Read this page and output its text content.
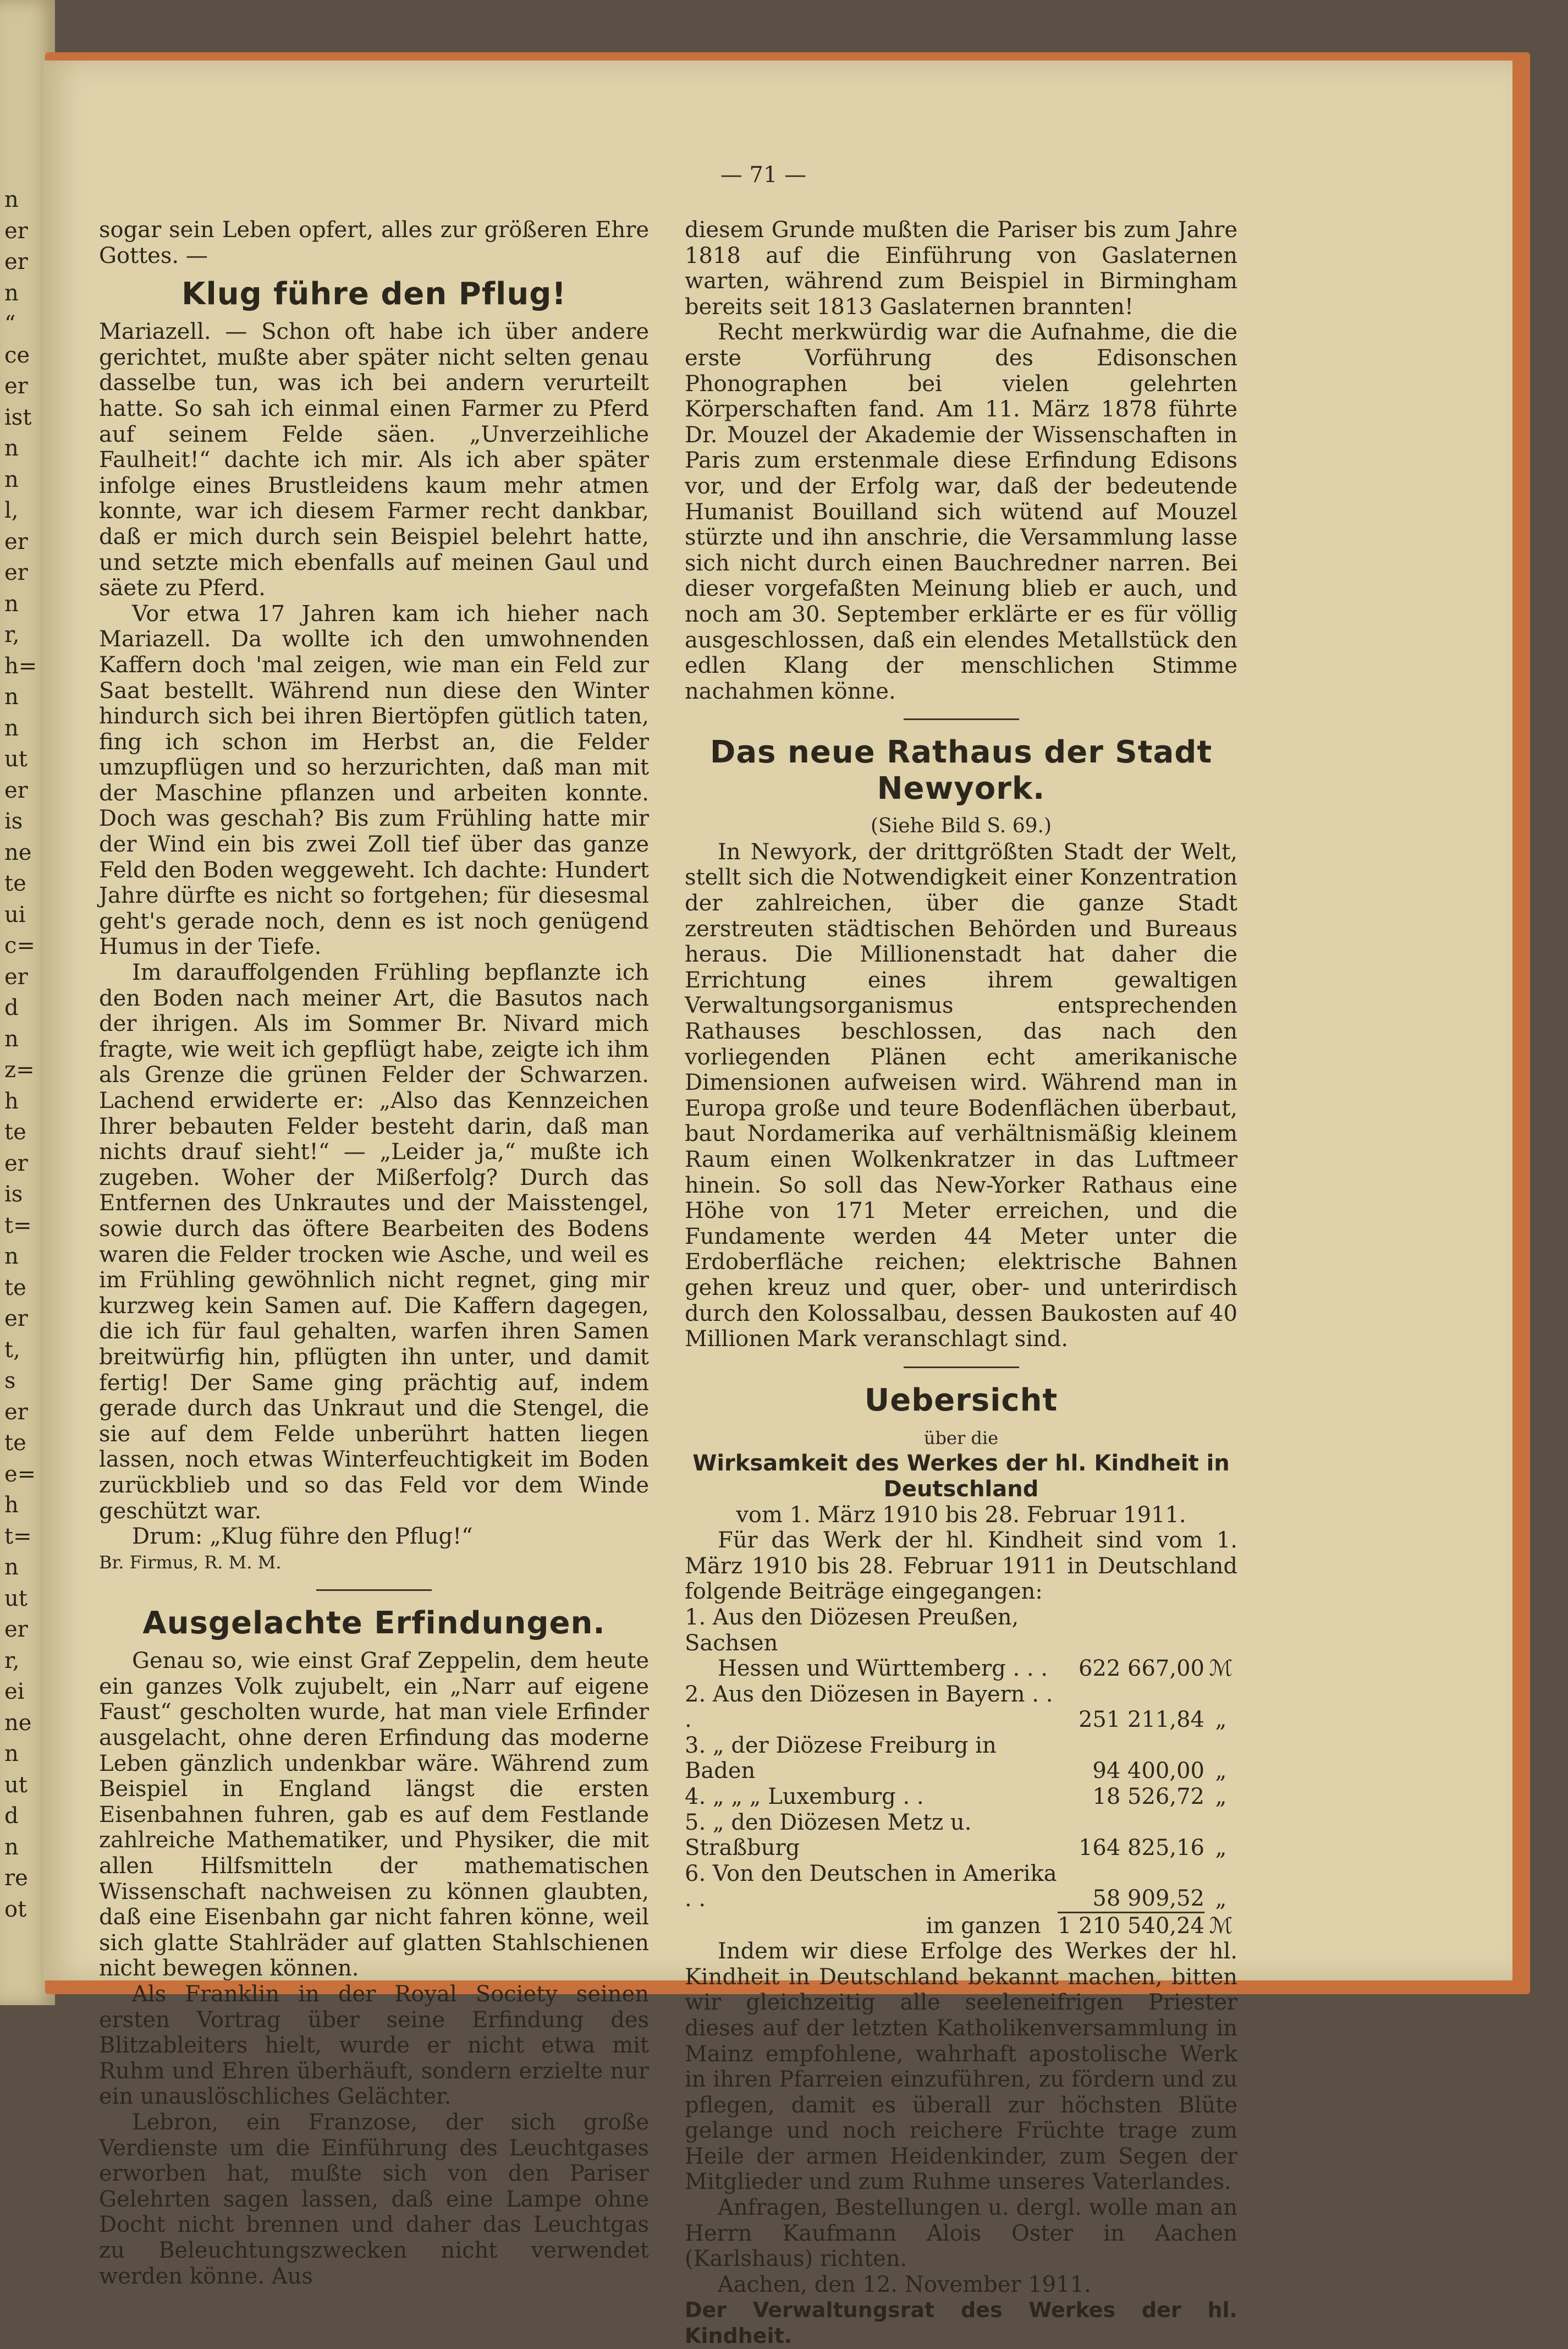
n
er
er
n
“
ce
er
ist
n
n
l,
er
er
n
r,
h=
n
n
ut
er
is
ne
te
ui
c=
er
d
n
z=
h
te
er
is
t=
n
te
er
t,
s
er
te
e=
h
t=
n
ut
er
r,
ei
ne
n
ut
d
n
re
ot
— 71 —

sogar sein Leben opfert, alles zur größeren Ehre Gottes. —

Klug führe den Pflug!

Mariazell. — Schon oft habe ich über andere gerichtet, mußte aber später nicht selten genau dasselbe tun, was ich bei andern verurteilt hatte. So sah ich einmal einen Farmer zu Pferd auf seinem Felde säen. „Unverzeihliche Faulheit!“ dachte ich mir. Als ich aber später infolge eines Brustleidens kaum mehr atmen konnte, war ich diesem Farmer recht dankbar, daß er mich durch sein Beispiel belehrt hatte, und setzte mich ebenfalls auf meinen Gaul und säete zu Pferd.

Vor etwa 17 Jahren kam ich hieher nach Mariazell. Da wollte ich den umwohnenden Kaffern doch 'mal zeigen, wie man ein Feld zur Saat bestellt. Während nun diese den Winter hindurch sich bei ihren Biertöpfen gütlich taten, fing ich schon im Herbst an, die Felder umzupflügen und so herzurichten, daß man mit der Maschine pflanzen und arbeiten konnte. Doch was geschah? Bis zum Frühling hatte mir der Wind ein bis zwei Zoll tief über das ganze Feld den Boden weggeweht. Ich dachte: Hundert Jahre dürfte es nicht so fortgehen; für diesesmal geht's gerade noch, denn es ist noch genügend Humus in der Tiefe.

Im darauffolgenden Frühling bepflanzte ich den Boden nach meiner Art, die Basutos nach der ihrigen. Als im Sommer Br. Nivard mich fragte, wie weit ich gepflügt habe, zeigte ich ihm als Grenze die grünen Felder der Schwarzen. Lachend erwiderte er: „Also das Kennzeichen Ihrer bebauten Felder besteht darin, daß man nichts drauf sieht!“ — „Leider ja,“ mußte ich zugeben. Woher der Mißerfolg? Durch das Entfernen des Unkrautes und der Maisstengel, sowie durch das öftere Bearbeiten des Bodens waren die Felder trocken wie Asche, und weil es im Frühling gewöhnlich nicht regnet, ging mir kurzweg kein Samen auf. Die Kaffern dagegen, die ich für faul gehalten, warfen ihren Samen breitwürfig hin, pflügten ihn unter, und damit fertig! Der Same ging prächtig auf, indem gerade durch das Unkraut und die Stengel, die sie auf dem Felde unberührt hatten liegen lassen, noch etwas Winterfeuchtigkeit im Boden zurückblieb und so das Feld vor dem Winde geschützt war.

Drum: „Klug führe den Pflug!“

Br. Firmus, R. M. M.

Ausgelachte Erfindungen.

Genau so, wie einst Graf Zeppelin, dem heute ein ganzes Volk zujubelt, ein „Narr auf eigene Faust“ gescholten wurde, hat man viele Erfinder ausgelacht, ohne deren Erfindung das moderne Leben gänzlich undenkbar wäre. Während zum Beispiel in England längst die ersten Eisenbahnen fuhren, gab es auf dem Festlande zahlreiche Mathematiker, und Physiker, die mit allen Hilfsmitteln der mathematischen Wissenschaft nachweisen zu können glaubten, daß eine Eisenbahn gar nicht fahren könne, weil sich glatte Stahlräder auf glatten Stahlschienen nicht bewegen können.

Als Franklin in der Royal Society seinen ersten Vortrag über seine Erfindung des Blitzableiters hielt, wurde er nicht etwa mit Ruhm und Ehren überhäuft, sondern erzielte nur ein unauslöschliches Gelächter.

Lebron, ein Franzose, der sich große Verdienste um die Einführung des Leuchtgases erworben hat, mußte sich von den Pariser Gelehrten sagen lassen, daß eine Lampe ohne Docht nicht brennen und daher das Leuchtgas zu Beleuchtungszwecken nicht verwendet werden könne. Aus

diesem Grunde mußten die Pariser bis zum Jahre 1818 auf die Einführung von Gaslaternen warten, während zum Beispiel in Birmingham bereits seit 1813 Gaslaternen brannten!

Recht merkwürdig war die Aufnahme, die die erste Vorführung des Edisonschen Phonographen bei vielen gelehrten Körperschaften fand. Am 11. März 1878 führte Dr. Mouzel der Akademie der Wissenschaften in Paris zum erstenmale diese Erfindung Edisons vor, und der Erfolg war, daß der bedeutende Humanist Bouilland sich wütend auf Mouzel stürzte und ihn anschrie, die Versammlung lasse sich nicht durch einen Bauchredner narren. Bei dieser vorgefaßten Meinung blieb er auch, und noch am 30. September erklärte er es für völlig ausgeschlossen, daß ein elendes Metallstück den edlen Klang der menschlichen Stimme nachahmen könne.

Das neue Rathaus der Stadt Newyork.

(Siehe Bild S. 69.)

In Newyork, der drittgrößten Stadt der Welt, stellt sich die Notwendigkeit einer Konzentration der zahlreichen, über die ganze Stadt zerstreuten städtischen Behörden und Bureaus heraus. Die Millionenstadt hat daher die Errichtung eines ihrem gewaltigen Verwaltungsorganismus entsprechenden Rathauses beschlossen, das nach den vorliegenden Plänen echt amerikanische Dimensionen aufweisen wird. Während man in Europa große und teure Bodenflächen überbaut, baut Nordamerika auf verhältnismäßig kleinem Raum einen Wolkenkratzer in das Luftmeer hinein. So soll das New-Yorker Rathaus eine Höhe von 171 Meter erreichen, und die Fundamente werden 44 Meter unter die Erdoberfläche reichen; elektrische Bahnen gehen kreuz und quer, ober- und unterirdisch durch den Kolossalbau, dessen Baukosten auf 40 Millionen Mark veranschlagt sind.

Uebersicht

über die

Wirksamkeit des Werkes der hl. Kindheit in Deutschland

vom 1. März 1910 bis 28. Februar 1911.

Für das Werk der hl. Kindheit sind vom 1. März 1910 bis 28. Februar 1911 in Deutschland folgende Beiträge eingegangen:

1. Aus den Diözesen Preußen, Sachsen		
Hessen und Württemberg . . .	622 667,00	ℳ
2. Aus den Diözesen in Bayern . . .	251 211,84	„
3. „ der Diözese Freiburg in Baden	94 400,00	„
4. „ „ „ Luxemburg . .	18 526,72	„
5. „ den Diözesen Metz u. Straßburg	164 825,16	„
6. Von den Deutschen in Amerika . .	58 909,52	„
im ganzen	1 210 540,24	ℳ

Indem wir diese Erfolge des Werkes der hl. Kindheit in Deutschland bekannt machen, bitten wir gleichzeitig alle seeleneifrigen Priester dieses auf der letzten Katholikenversammlung in Mainz empfohlene, wahrhaft apostolische Werk in ihren Pfarreien einzuführen, zu fördern und zu pflegen, damit es überall zur höchsten Blüte gelange und noch reichere Früchte trage zum Heile der armen Heidenkinder, zum Segen der Mitglieder und zum Ruhme unseres Vaterlandes.

Anfragen, Bestellungen u. dergl. wolle man an Herrn Kaufmann Alois Oster in Aachen (Karlshaus) richten.

Aachen, den 12. November 1911.

Der Verwaltungsrat des Werkes der hl. Kindheit.
